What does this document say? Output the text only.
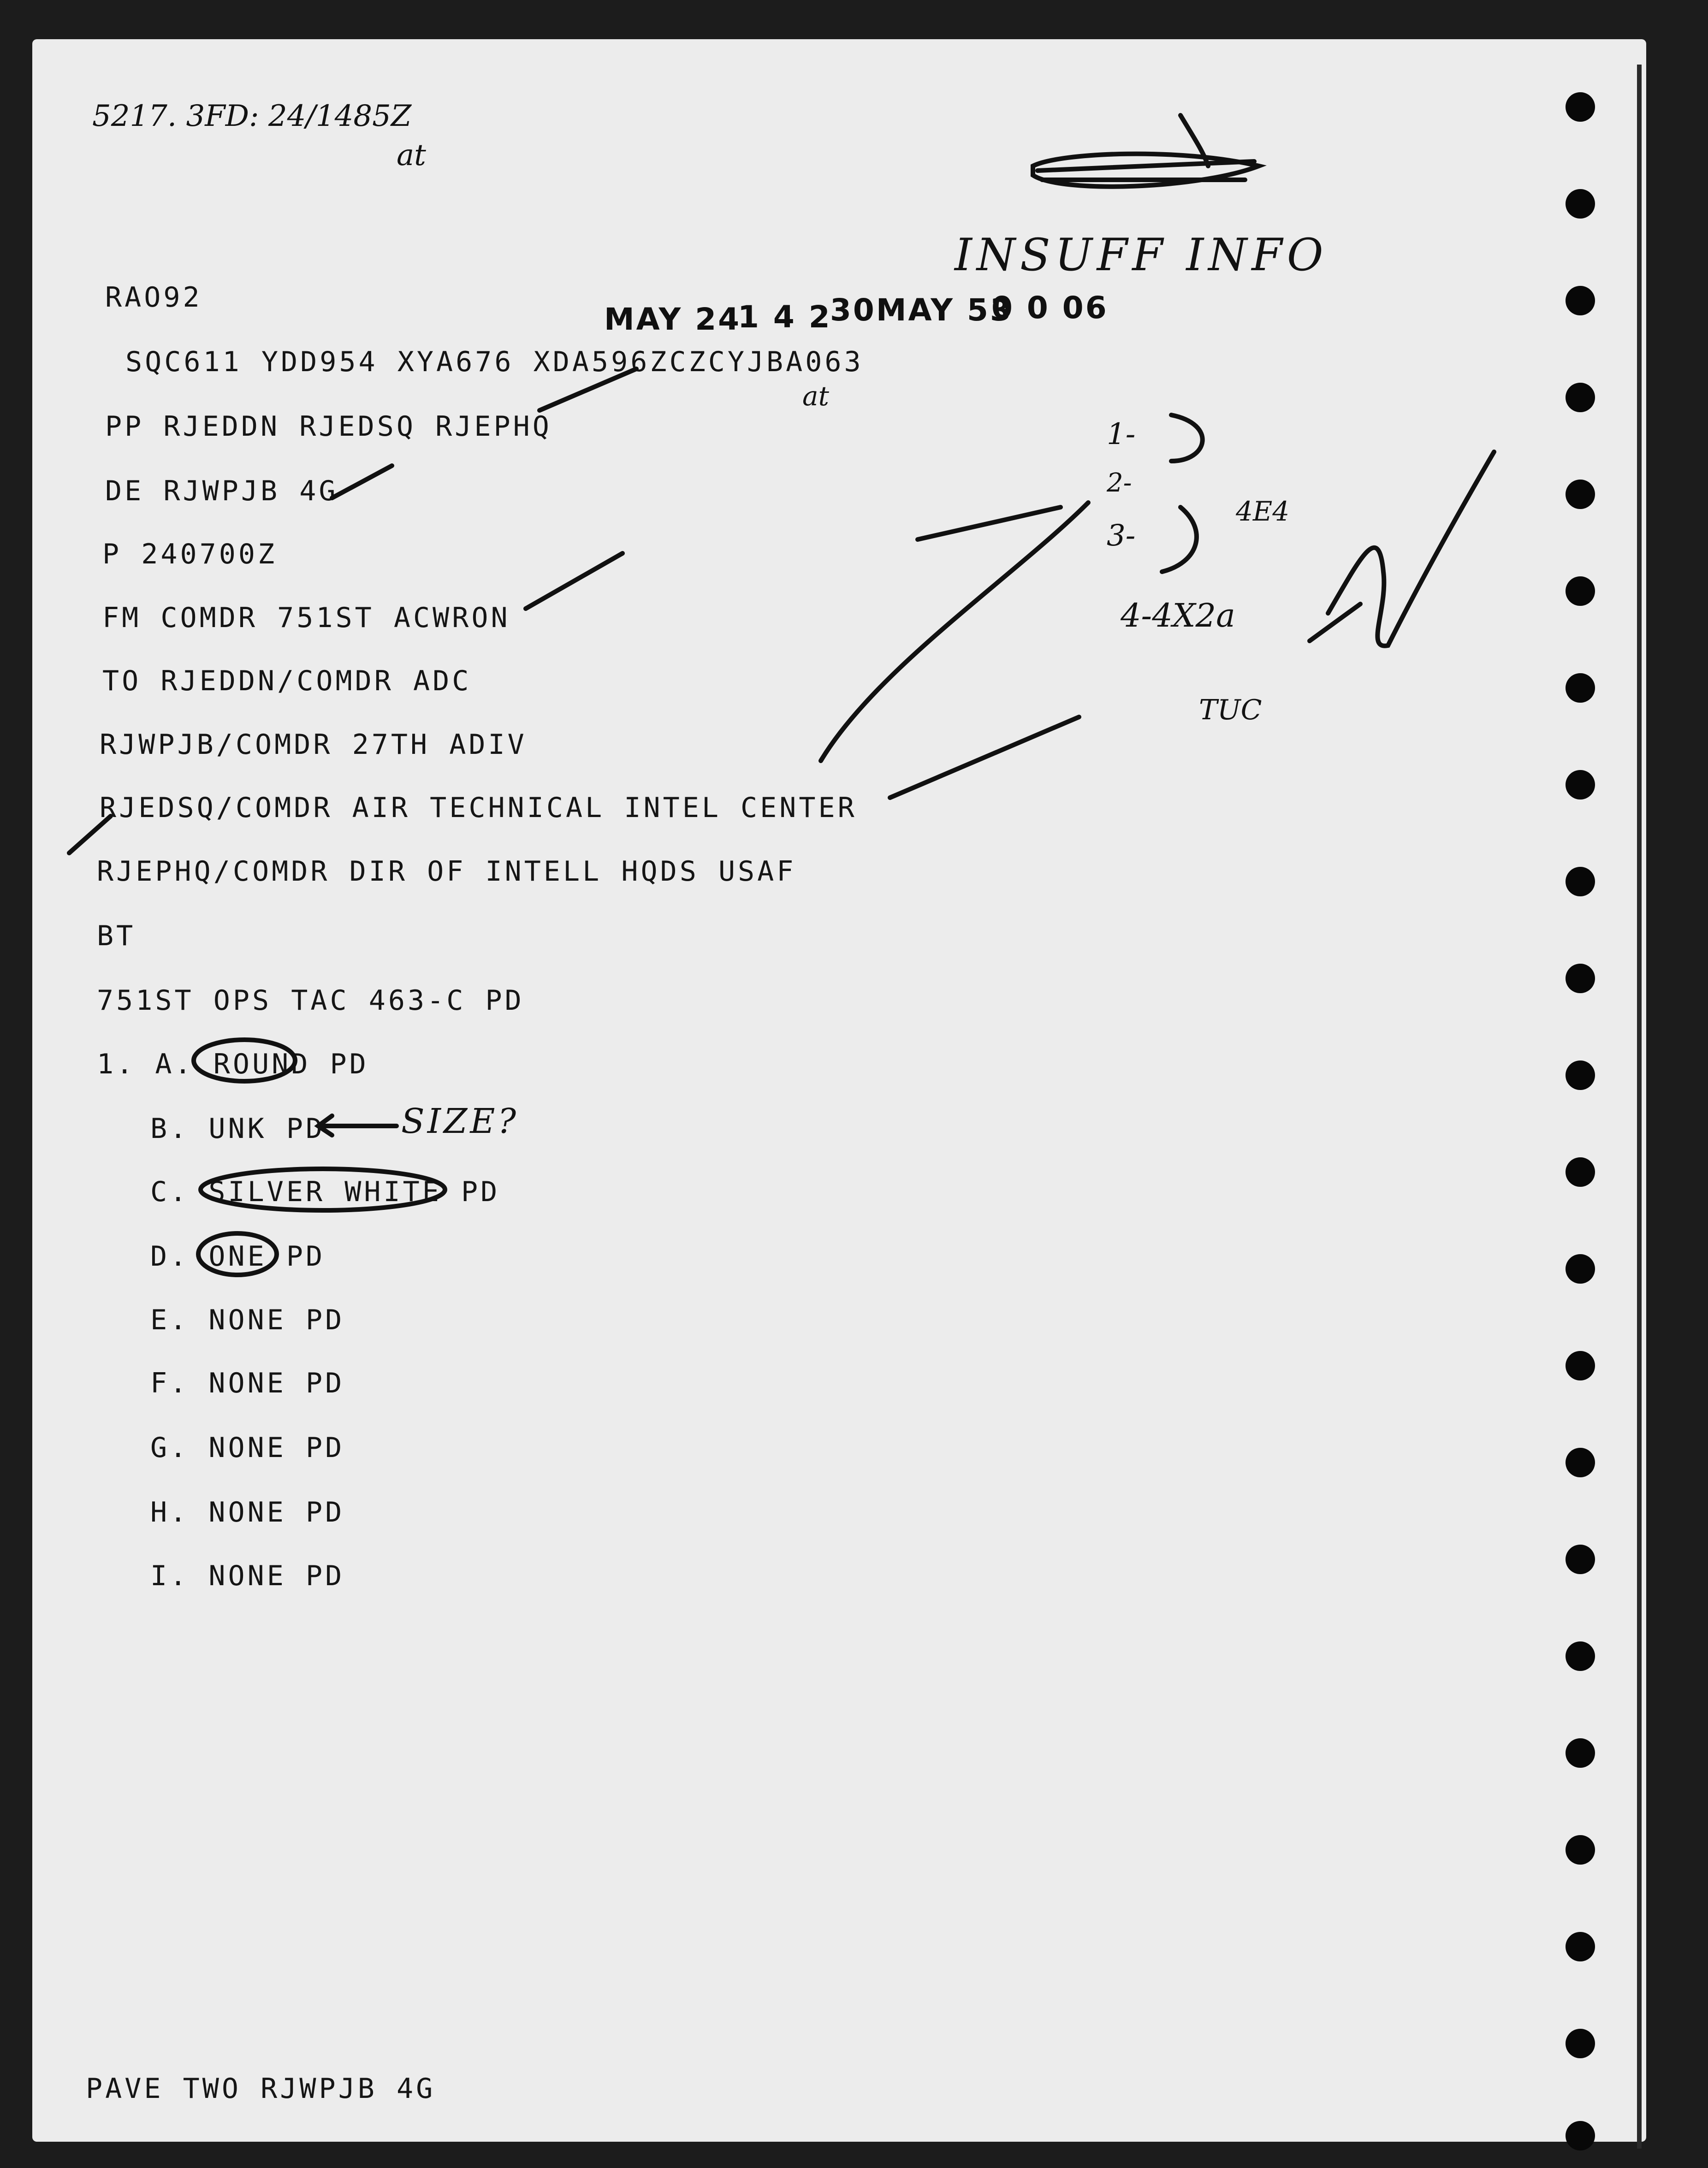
5217. 3FD: 24/1485Z
at
INSUFF INFO
1-
2-
3-
4E4
4-4X2a
TUC
SIZE?
at
MAY 24
1 4 2
30MAY 53
0 0 06
RAO92
SQC611 YDD954 XYA676 XDA596ZCZCYJBA063
PP RJEDDN RJEDSQ RJEPHQ
DE RJWPJB 4G
P 240700Z
FM COMDR 751ST ACWRON
TO RJEDDN/COMDR ADC
RJWPJB/COMDR 27TH ADIV
RJEDSQ/COMDR AIR TECHNICAL INTEL CENTER
RJEPHQ/COMDR DIR OF INTELL HQDS USAF
BT
751ST OPS TAC 463-C PD
1. A. ROUND PD
B. UNK PD
C. SILVER WHITE PD
D. ONE PD
E. NONE PD
F. NONE PD
G. NONE PD
H. NONE PD
I. NONE PD
PAVE TWO RJWPJB 4G
